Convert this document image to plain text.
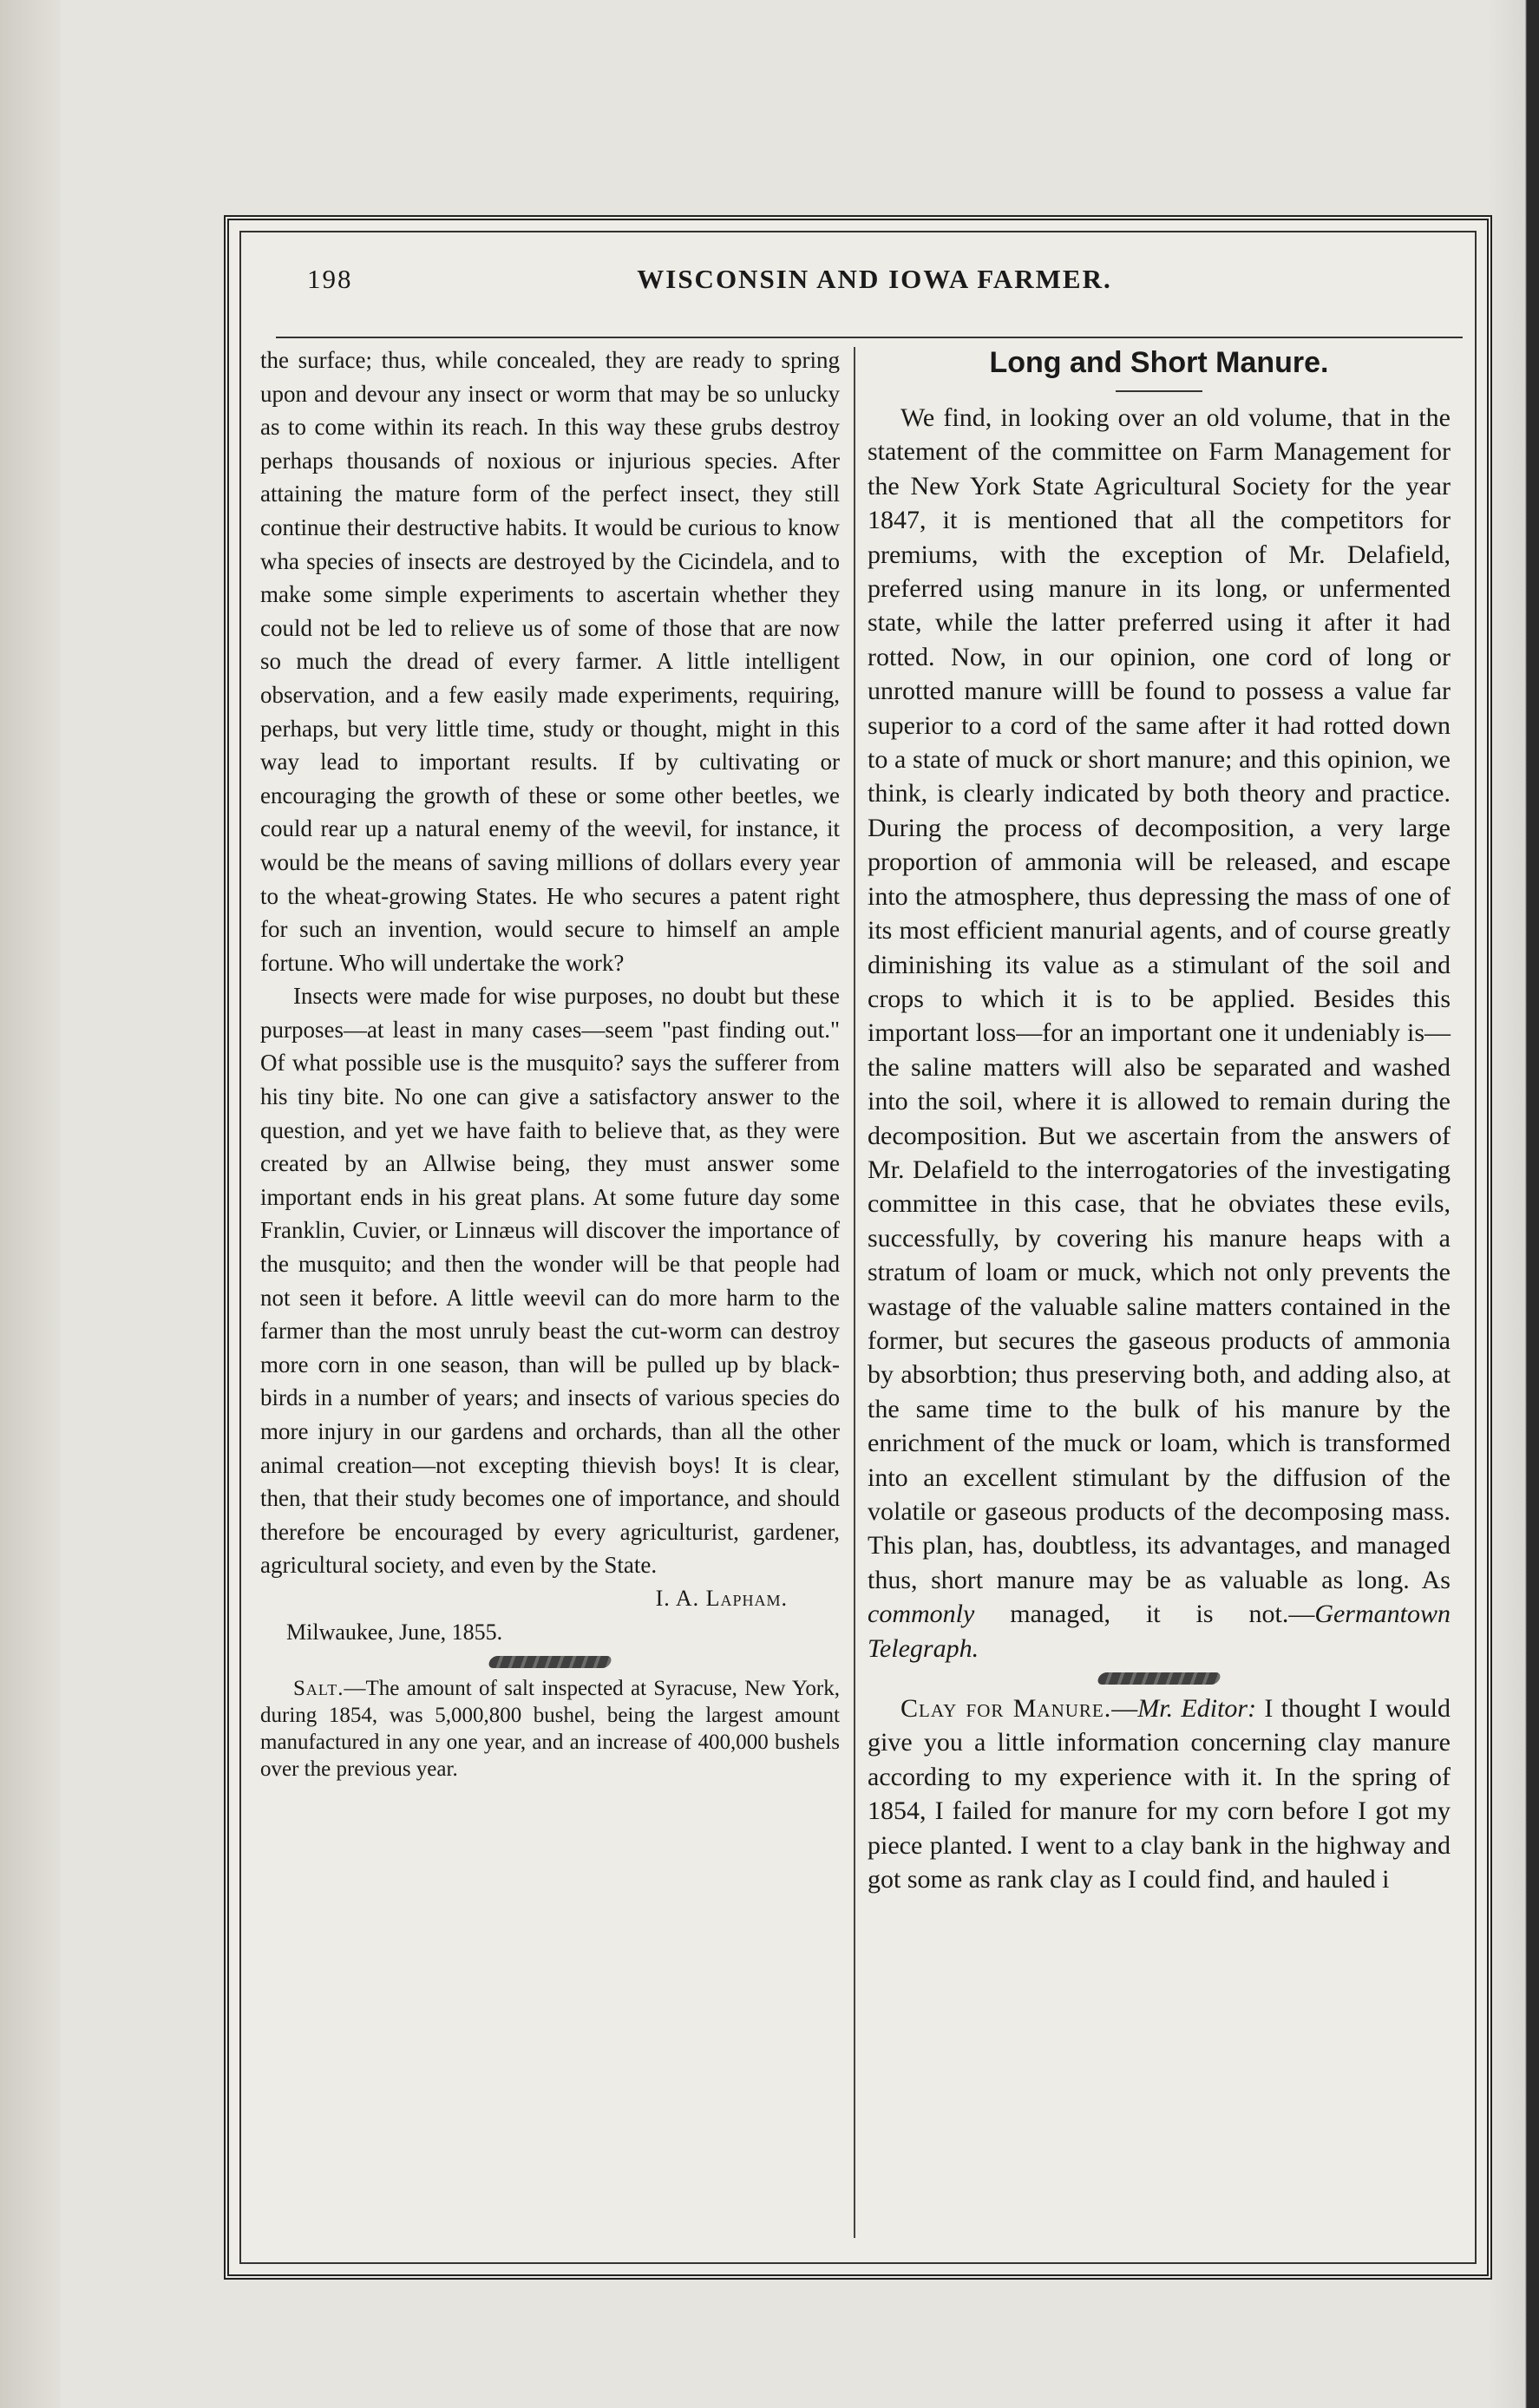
198	WISCONSIN AND IOWA FARMER.

the surface; thus, while concealed, they are ready to spring upon and devour any insect or worm that may be so unlucky as to come within its reach. In this way these grubs destroy perhaps thousands of noxious or injurious species. After attaining the mature form of the perfect insect, they still continue their destructive habits. It would be curious to know wha species of insects are destroyed by the Cicindela, and to make some simple experiments to ascertain whether they could not be led to relieve us of some of those that are now so much the dread of every farmer. A little intelligent observation, and a few easily made experiments, requiring, perhaps, but very little time, study or thought, might in this way lead to important results. If by cultivating or encouraging the growth of these or some other beetles, we could rear up a natural enemy of the weevil, for instance, it would be the means of saving millions of dollars every year to the wheat-growing States. He who secures a patent right for such an invention, would secure to himself an ample fortune. Who will undertake the work?

Insects were made for wise purposes, no doubt but these purposes—at least in many cases—seem "past finding out." Of what possible use is the musquito? says the sufferer from his tiny bite. No one can give a satisfactory answer to the question, and yet we have faith to believe that, as they were created by an Allwise being, they must answer some important ends in his great plans. At some future day some Franklin, Cuvier, or Linnæus will discover the importance of the musquito; and then the wonder will be that people had not seen it before. A little weevil can do more harm to the farmer than the most unruly beast the cut-worm can destroy more corn in one season, than will be pulled up by black-birds in a number of years; and insects of various species do more injury in our gardens and orchards, than all the other animal creation—not excepting thievish boys! It is clear, then, that their study becomes one of importance, and should therefore be encouraged by every agriculturist, gardener, agricultural society, and even by the State.

I. A. Lapham.

Milwaukee, June, 1855.

Salt.—The amount of salt inspected at Syracuse, New York, during 1854, was 5,000,800 bushel, being the largest amount manufactured in any one year, and an increase of 400,000 bushels over the previous year.

Long and Short Manure.

We find, in looking over an old volume, that in the statement of the committee on Farm Management for the New York State Agricultural Society for the year 1847, it is mentioned that all the competitors for premiums, with the exception of Mr. Delafield, preferred using manure in its long, or unfermented state, while the latter preferred using it after it had rotted. Now, in our opinion, one cord of long or unrotted manure willl be found to possess a value far superior to a cord of the same after it had rotted down to a state of muck or short manure; and this opinion, we think, is clearly indicated by both theory and practice. During the process of decomposition, a very large proportion of ammonia will be released, and escape into the atmosphere, thus depressing the mass of one of its most efficient manurial agents, and of course greatly diminishing its value as a stimulant of the soil and crops to which it is to be applied. Besides this important loss—for an important one it undeniably is—the saline matters will also be separated and washed into the soil, where it is allowed to remain during the decomposition. But we ascertain from the answers of Mr. Delafield to the interrogatories of the investigating committee in this case, that he obviates these evils, successfully, by covering his manure heaps with a stratum of loam or muck, which not only prevents the wastage of the valuable saline matters contained in the former, but secures the gaseous products of ammonia by absorbtion; thus preserving both, and adding also, at the same time to the bulk of his manure by the enrichment of the muck or loam, which is transformed into an excellent stimulant by the diffusion of the volatile or gaseous products of the decomposing mass. This plan, has, doubtless, its advantages, and managed thus, short manure may be as valuable as long. As commonly managed, it is not.—Germantown Telegraph.

Clay for Manure.—Mr. Editor: I thought I would give you a little information concerning clay manure according to my experience with it. In the spring of 1854, I failed for manure for my corn before I got my piece planted. I went to a clay bank in the highway and got some as rank clay as I could find, and hauled i
